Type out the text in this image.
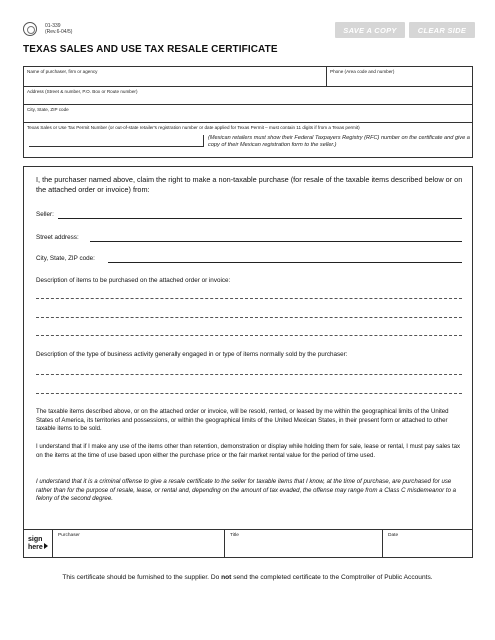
01-339
(Rev.6-04/5)	SAVE A COPY	CLEAR SIDE
TEXAS SALES AND USE TAX RESALE CERTIFICATE
Name of purchaser, firm or agency	Phone (Area code and number)
Address (Street & number, P.O. Box or Route number)
City, State, ZIP code
Texas Sales or Use Tax Permit Number (or out-of-state retailer's registration number or date applied for Texas Permit – must contain 11 digits if from a Texas permit)
(Mexican retailers must show their Federal Taxpayers Registry (RFC) number on the certificate and give a copy of their Mexican registration form to the seller.)
I, the purchaser named above, claim the right to make a non-taxable purchase (for resale of the taxable items described below or on the attached order or invoice) from:
Seller:
Street address:
City, State, ZIP code:
Description of items to be purchased on the attached order or invoice:
Description of the type of business activity generally engaged in or type of items normally sold by the purchaser:
The taxable items described above, or on the attached order or invoice, will be resold, rented, or leased by me within the geographical limits of the United States of America, its territories and possessions, or within the geographical limits of the United Mexican States, in their present form or attached to other taxable items to be sold.
I understand that if I make any use of the items other than retention, demonstration or display while holding them for sale, lease or rental, I must pay sales tax on the items at the time of use based upon either the purchase price or the fair market rental value for the period of time used.
I understand that it is a criminal offense to give a resale certificate to the seller for taxable items that I know, at the time of purchase, are purchased for use rather than for the purpose of resale, lease, or rental and, depending on the amount of tax evaded, the offense may range from a Class C misdemeanor to a felony of the second degree.
sign
here
Purchaser	Title	Date
This certificate should be furnished to the supplier. Do not send the completed certificate to the Comptroller of Public Accounts.
